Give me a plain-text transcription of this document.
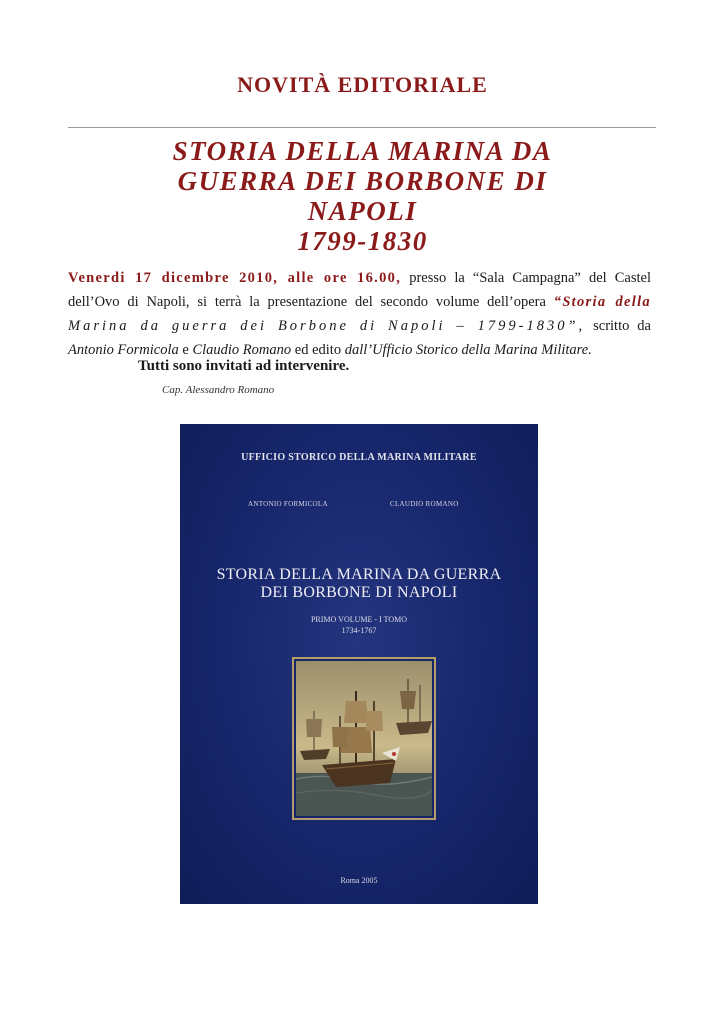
NOVITÀ EDITORIALE
STORIA DELLA MARINA DA
GUERRA DEI BORBONE DI
NAPOLI
1799-1830
Venerdi 17 dicembre 2010, alle ore 16.00, presso la “Sala Campagna” del Castel dell’Ovo di Napoli, si terrà la presentazione del secondo volume dell’opera “Storia della Marina da guerra dei Borbone di Napoli – 1799-1830”, scritto da Antonio Formicola e Claudio Romano ed edito dall’Ufficio Storico della Marina Militare.
Tutti sono invitati ad intervenire.
Cap. Alessandro Romano
UFFICIO STORICO DELLA MARINA MILITARE
ANTONIO FORMICOLA	CLAUDIO ROMANO
STORIA DELLA MARINA DA GUERRA
DEI BORBONE DI NAPOLI
PRIMO VOLUME - I TOMO
1734-1767
Roma 2005
